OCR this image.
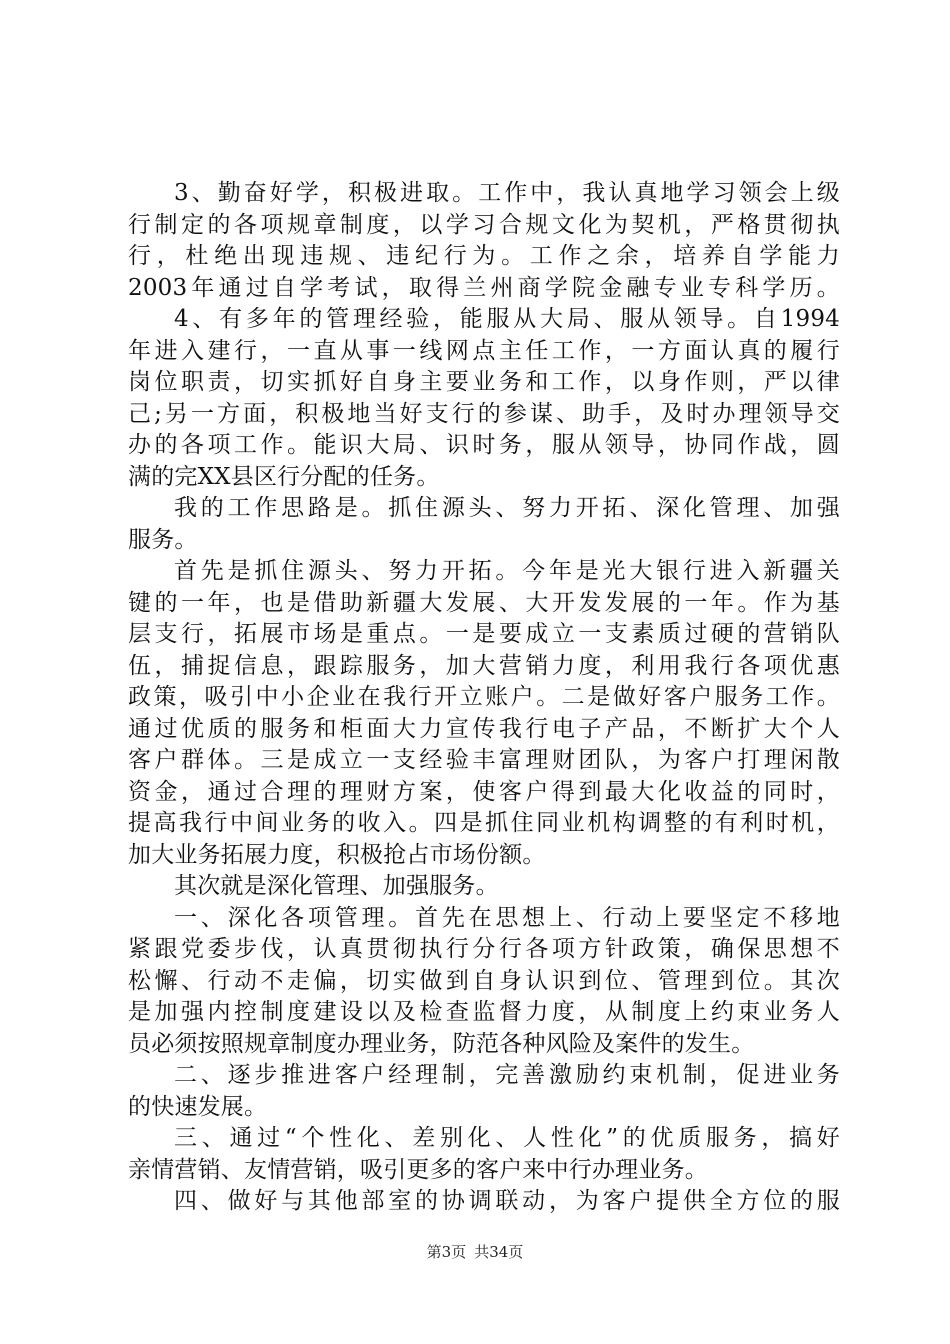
3、勤奋好学，积极进取。工作中，我认真地学习领会上级
行制定的各项规章制度，以学习合规文化为契机，严格贯彻执
行，杜绝出现违规、违纪行为。工作之余，培养自学能力
2003年通过自学考试，取得兰州商学院金融专业专科学历。
4、有多年的管理经验，能服从大局、服从领导。自1994
年进入建行，一直从事一线网点主任工作，一方面认真的履行
岗位职责，切实抓好自身主要业务和工作，以身作则，严以律
己;另一方面，积极地当好支行的参谋、助手，及时办理领导交
办的各项工作。能识大局、识时务，服从领导，协同作战，圆
满的完XX县区行分配的任务。
我的工作思路是。抓住源头、努力开拓、深化管理、加强
服务。
首先是抓住源头、努力开拓。今年是光大银行进入新疆关
键的一年，也是借助新疆大发展、大开发发展的一年。作为基
层支行，拓展市场是重点。一是要成立一支素质过硬的营销队
伍，捕捉信息，跟踪服务，加大营销力度，利用我行各项优惠
政策，吸引中小企业在我行开立账户。二是做好客户服务工作。
通过优质的服务和柜面大力宣传我行电子产品，不断扩大个人
客户群体。三是成立一支经验丰富理财团队，为客户打理闲散
资金，通过合理的理财方案，使客户得到最大化收益的同时，
提高我行中间业务的收入。四是抓住同业机构调整的有利时机，
加大业务拓展力度，积极抢占市场份额。
其次就是深化管理、加强服务。
一、深化各项管理。首先在思想上、行动上要坚定不移地
紧跟党委步伐，认真贯彻执行分行各项方针政策，确保思想不
松懈、行动不走偏，切实做到自身认识到位、管理到位。其次
是加强内控制度建设以及检查监督力度，从制度上约束业务人
员必须按照规章制度办理业务，防范各种风险及案件的发生。
二、逐步推进客户经理制，完善激励约束机制，促进业务
的快速发展。
三、通过“个性化、差别化、人性化”的优质服务，搞好
亲情营销、友情营销，吸引更多的客户来中行办理业务。
四、做好与其他部室的协调联动，为客户提供全方位的服
第3页 共34页
